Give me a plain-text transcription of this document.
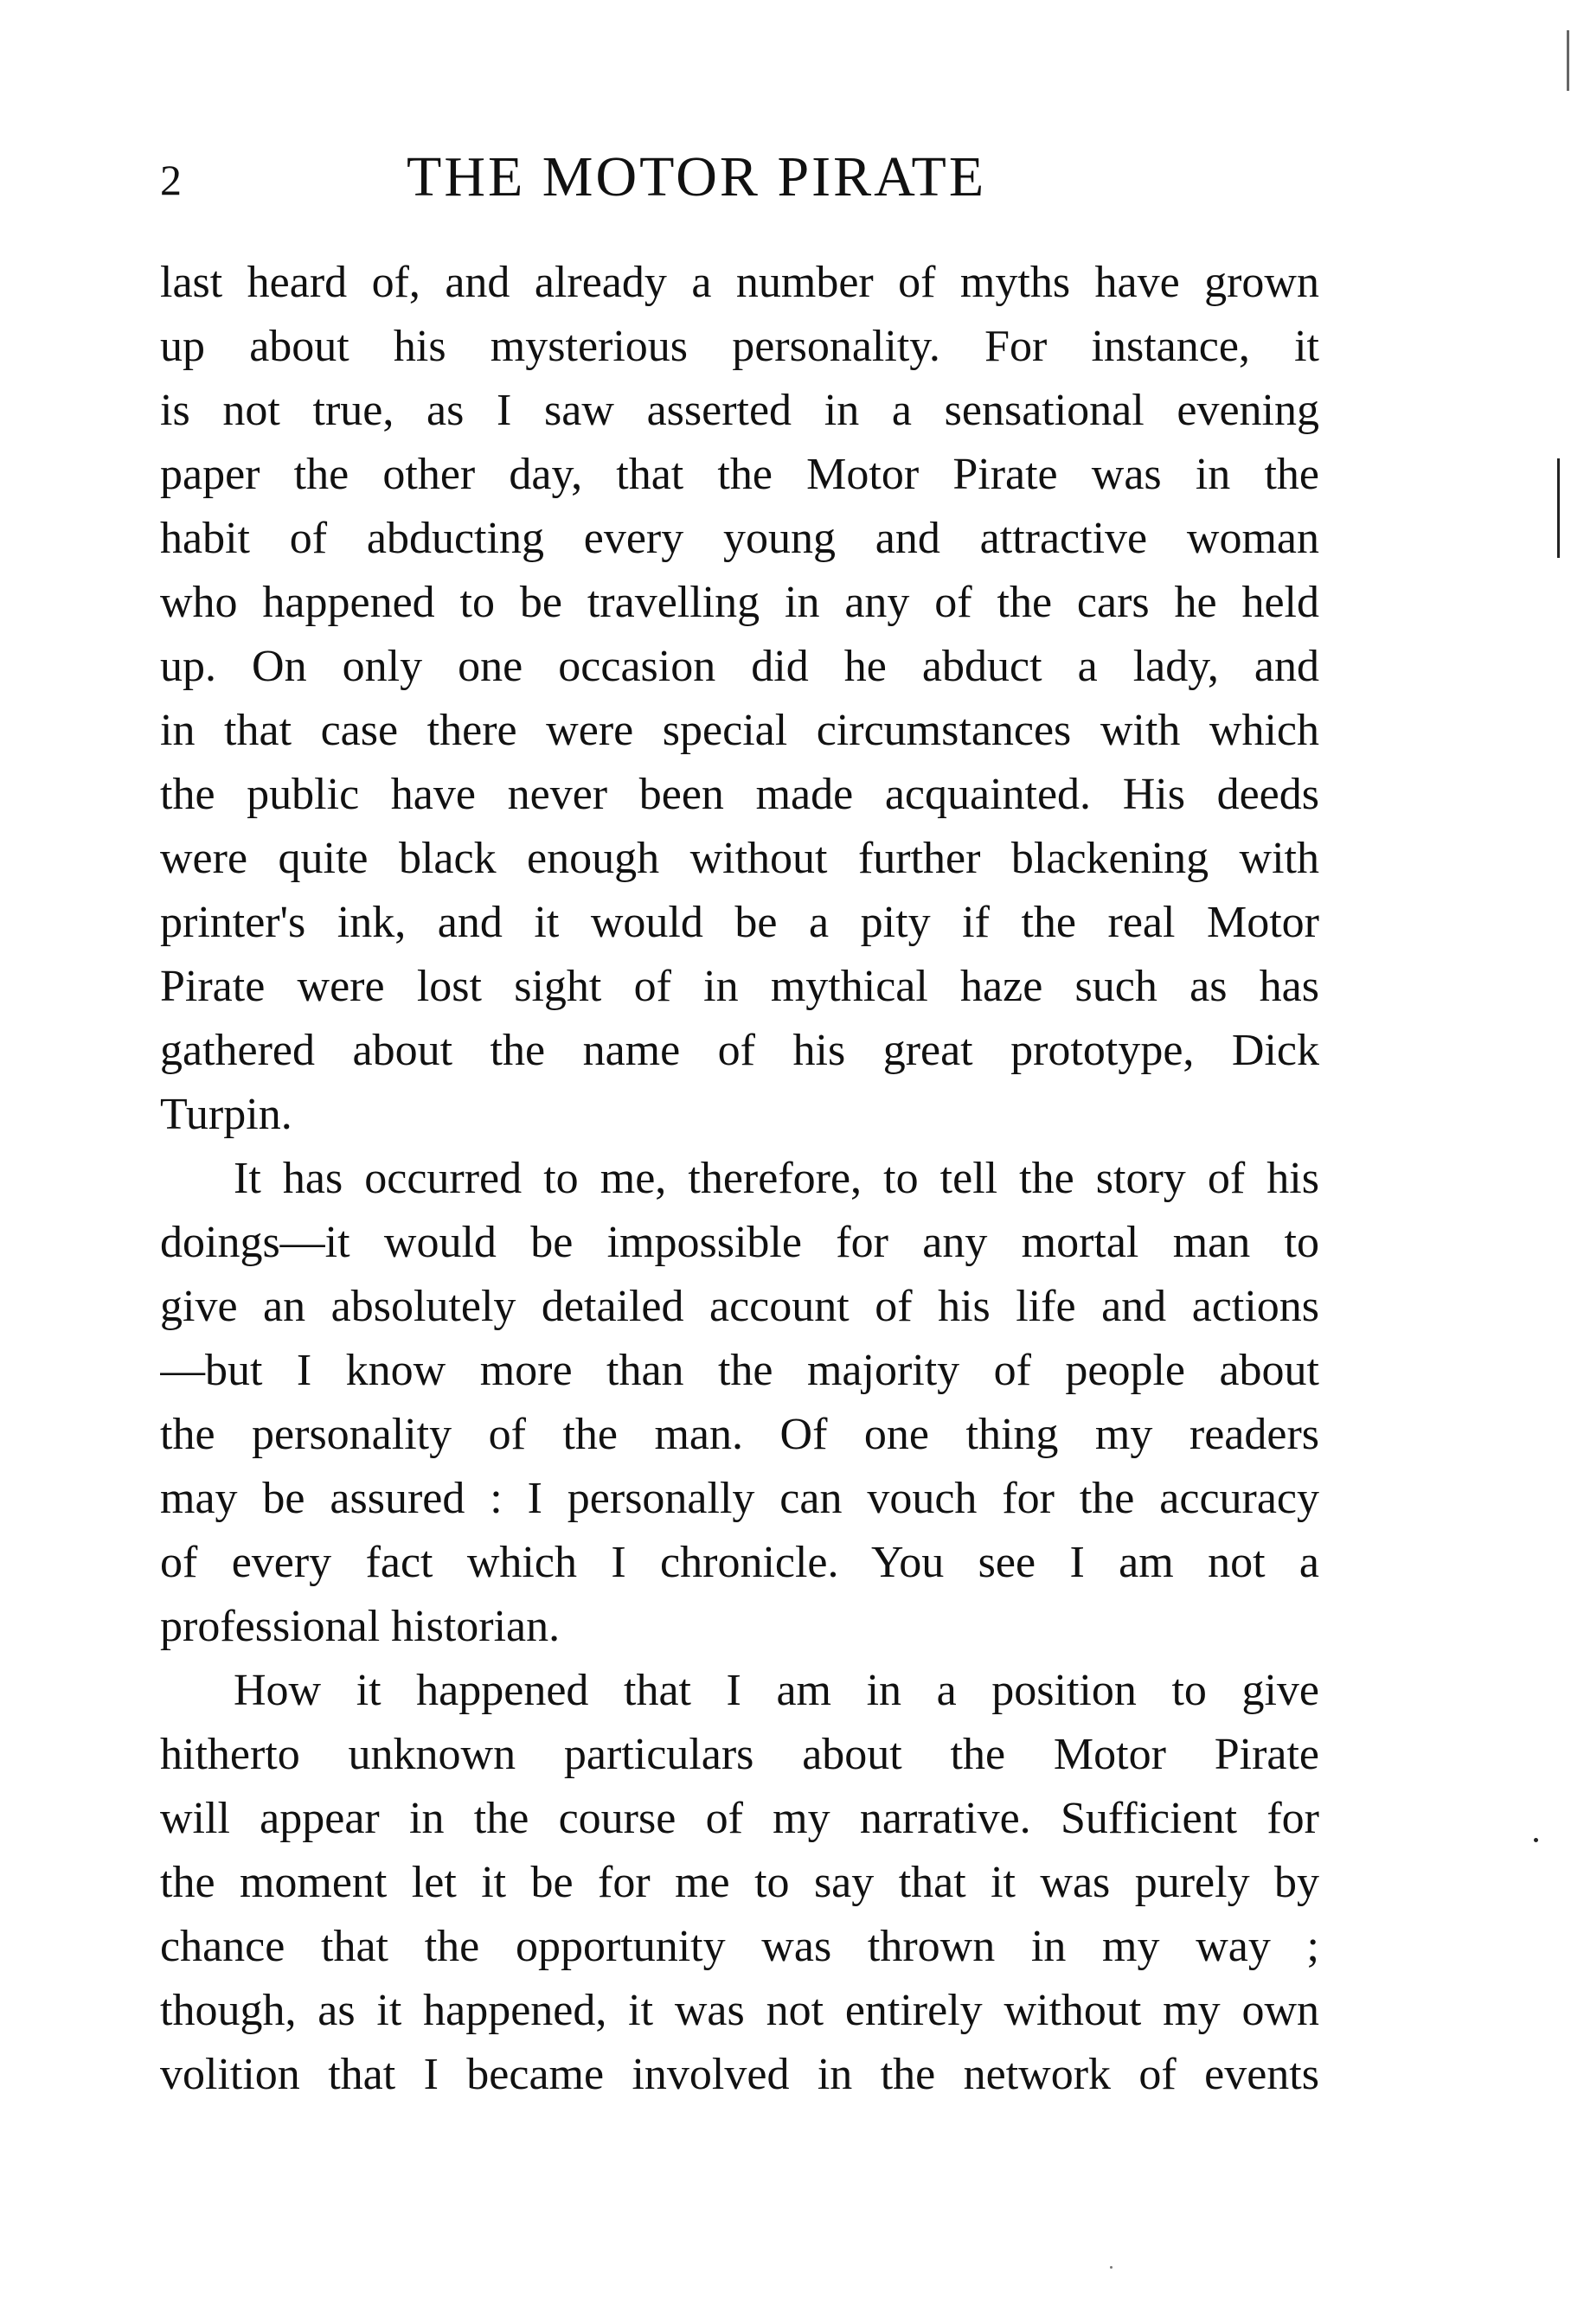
2	THE MOTOR PIRATE
last heard of, and already a number of myths have grown
up about his mysterious personality. For instance, it
is not true, as I saw asserted in a sensational evening
paper the other day, that the Motor Pirate was in the
habit of abducting every young and attractive woman
who happened to be travelling in any of the cars he held
up. On only one occasion did he abduct a lady, and
in that case there were special circumstances with which
the public have never been made acquainted. His deeds
were quite black enough without further blackening with
printer's ink, and it would be a pity if the real Motor
Pirate were lost sight of in mythical haze such as has
gathered about the name of his great prototype, Dick
Turpin.
It has occurred to me, therefore, to tell the story of his
doings—it would be impossible for any mortal man to
give an absolutely detailed account of his life and actions
—but I know more than the majority of people about
the personality of the man. Of one thing my readers
may be assured : I personally can vouch for the accuracy
of every fact which I chronicle. You see I am not a
professional historian.
How it happened that I am in a position to give
hitherto unknown particulars about the Motor Pirate
will appear in the course of my narrative. Sufficient for
the moment let it be for me to say that it was purely by
chance that the opportunity was thrown in my way ;
though, as it happened, it was not entirely without my own
volition that I became involved in the network of events
